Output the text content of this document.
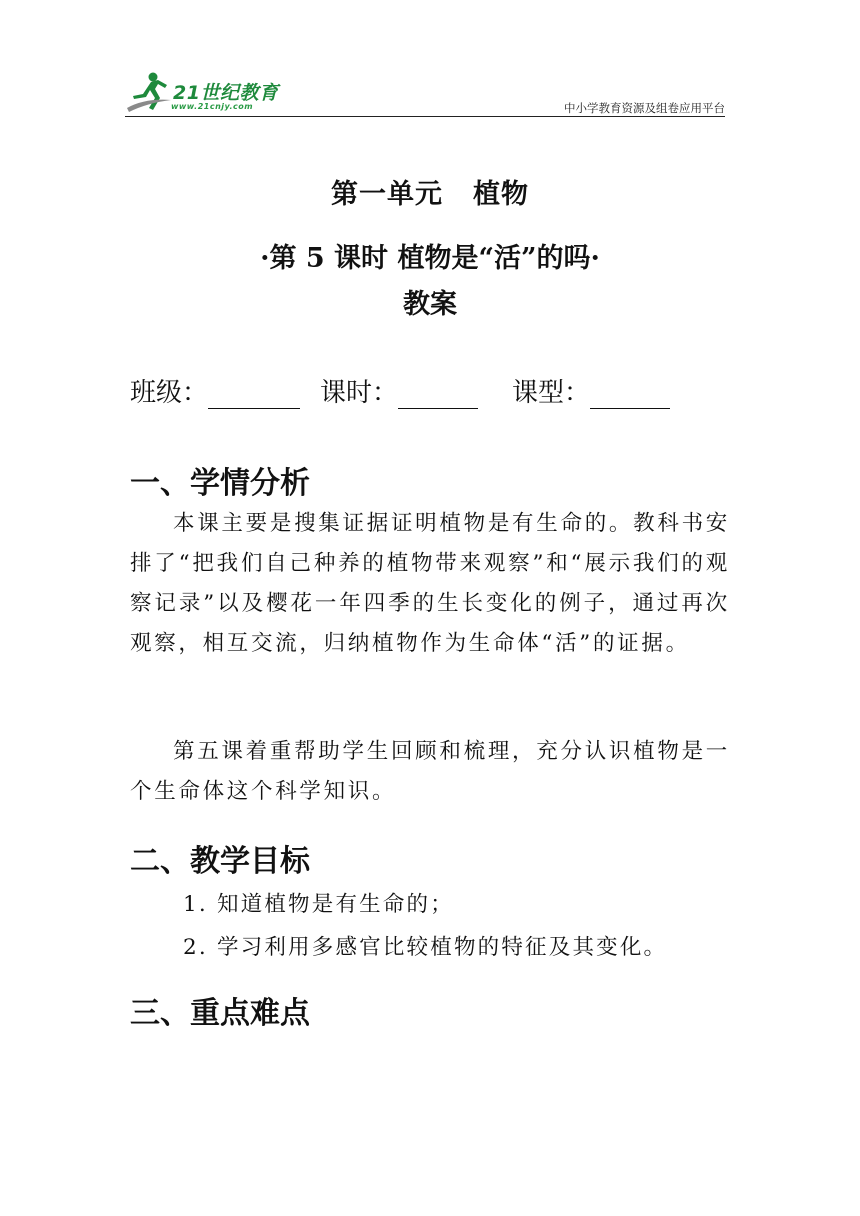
21世纪教育
www.21cnjy.com	中小学教育资源及组卷应用平台
第一单元 植物
·第 5 课时 植物是“活”的吗·
教案
班级：	课时：	课型：
一、学情分析
本课主要是搜集证据证明植物是有生命的。教科书安排了“把我们自己种养的植物带来观察”和“展示我们的观察记录”以及樱花一年四季的生长变化的例子，通过再次观察，相互交流，归纳植物作为生命体“活”的证据。
第五课着重帮助学生回顾和梳理，充分认识植物是一个生命体这个科学知识。
二、教学目标
1. 知道植物是有生命的；
2. 学习利用多感官比较植物的特征及其变化。
三、重点难点
